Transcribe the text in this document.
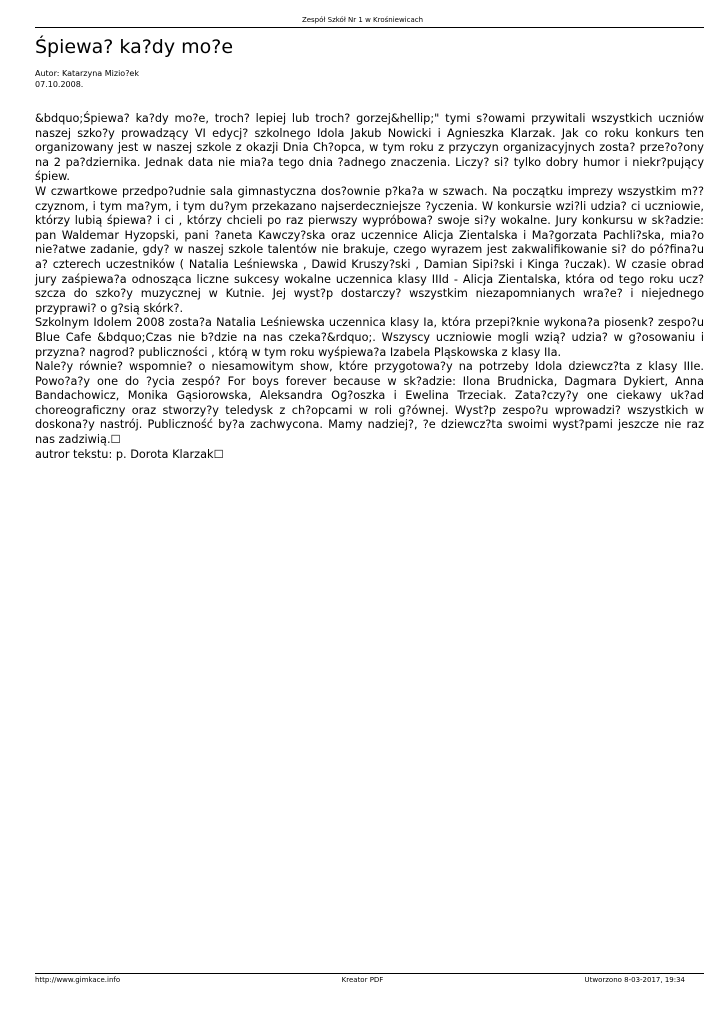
Zespół Szkół Nr 1 w Krośniewicach
Śpiewa? ka?dy mo?e
Autor: Katarzyna Mizio?ek
07.10.2008.

&bdquo;Śpiewa? ka?dy mo?e, troch? lepiej lub troch? gorzej&hellip;" tymi s?owami przywitali wszystkich uczniów naszej szko?y prowadzący VI edycj? szkolnego Idola Jakub Nowicki i Agnieszka Klarzak. Jak co roku konkurs ten organizowany jest w naszej szkole z okazji Dnia Ch?opca, w tym roku z przyczyn organizacyjnych zosta? prze?o?ony na 2 pa?dziernika. Jednak data nie mia?a tego dnia ?adnego znaczenia. Liczy? si? tylko dobry humor i niekr?pujący śpiew.

W czwartkowe przedpo?udnie sala gimnastyczna dos?ownie p?ka?a w szwach. Na początku imprezy wszystkim m??czyznom, i tym ma?ym, i tym du?ym przekazano najserdeczniejsze ?yczenia. W konkursie wzi?li udzia? ci uczniowie, którzy lubią śpiewa? i ci , którzy chcieli po raz pierwszy wypróbowa? swoje si?y wokalne. Jury konkursu w sk?adzie: pan Waldemar Hyzopski, pani ?aneta Kawczy?ska oraz uczennice Alicja Zientalska i Ma?gorzata Pachli?ska, mia?o nie?atwe zadanie, gdy? w naszej szkole talentów nie brakuje, czego wyrazem jest zakwalifikowanie si? do pó?fina?u a? czterech uczestników ( Natalia Leśniewska , Dawid Kruszy?ski , Damian Sipi?ski i Kinga ?uczak). W czasie obrad jury zaśpiewa?a odnosząca liczne sukcesy wokalne uczennica klasy IIId - Alicja Zientalska, która od tego roku ucz?szcza do szko?y muzycznej w Kutnie. Jej wyst?p dostarczy? wszystkim niezapomnianych wra?e? i niejednego przyprawi? o g?sią skórk?.

Szkolnym Idolem 2008 zosta?a Natalia Leśniewska uczennica klasy Ia, która przepi?knie wykona?a piosenk? zespo?u Blue Cafe &bdquo;Czas nie b?dzie na nas czeka?&rdquo;. Wszyscy uczniowie mogli wzią? udzia? w g?osowaniu i przyzna? nagrod? publiczności , którą w tym roku wyśpiewa?a Izabela Pląskowska z klasy IIa.

Nale?y równie? wspomnie? o niesamowitym show, które przygotowa?y na potrzeby Idola dziewcz?ta z klasy IIIe. Powo?a?y one do ?ycia zespó? For boys forever because w sk?adzie: Ilona Brudnicka, Dagmara Dykiert, Anna Bandachowicz, Monika Gąsiorowska, Aleksandra Og?oszka i Ewelina Trzeciak. Zata?czy?y one ciekawy uk?ad choreograficzny oraz stworzy?y teledysk z ch?opcami w roli g?ównej. Wyst?p zespo?u wprowadzi? wszystkich w doskona?y nastrój. Publiczność by?a zachwycona. Mamy nadziej?, ?e dziewcz?ta swoimi wyst?pami jeszcze nie raz nas zadziwią.☐

autror tekstu: p. Dorota Klarzak☐

http://www.gimkace.info	Kreator PDF	Utworzono 8-03-2017, 19:34
